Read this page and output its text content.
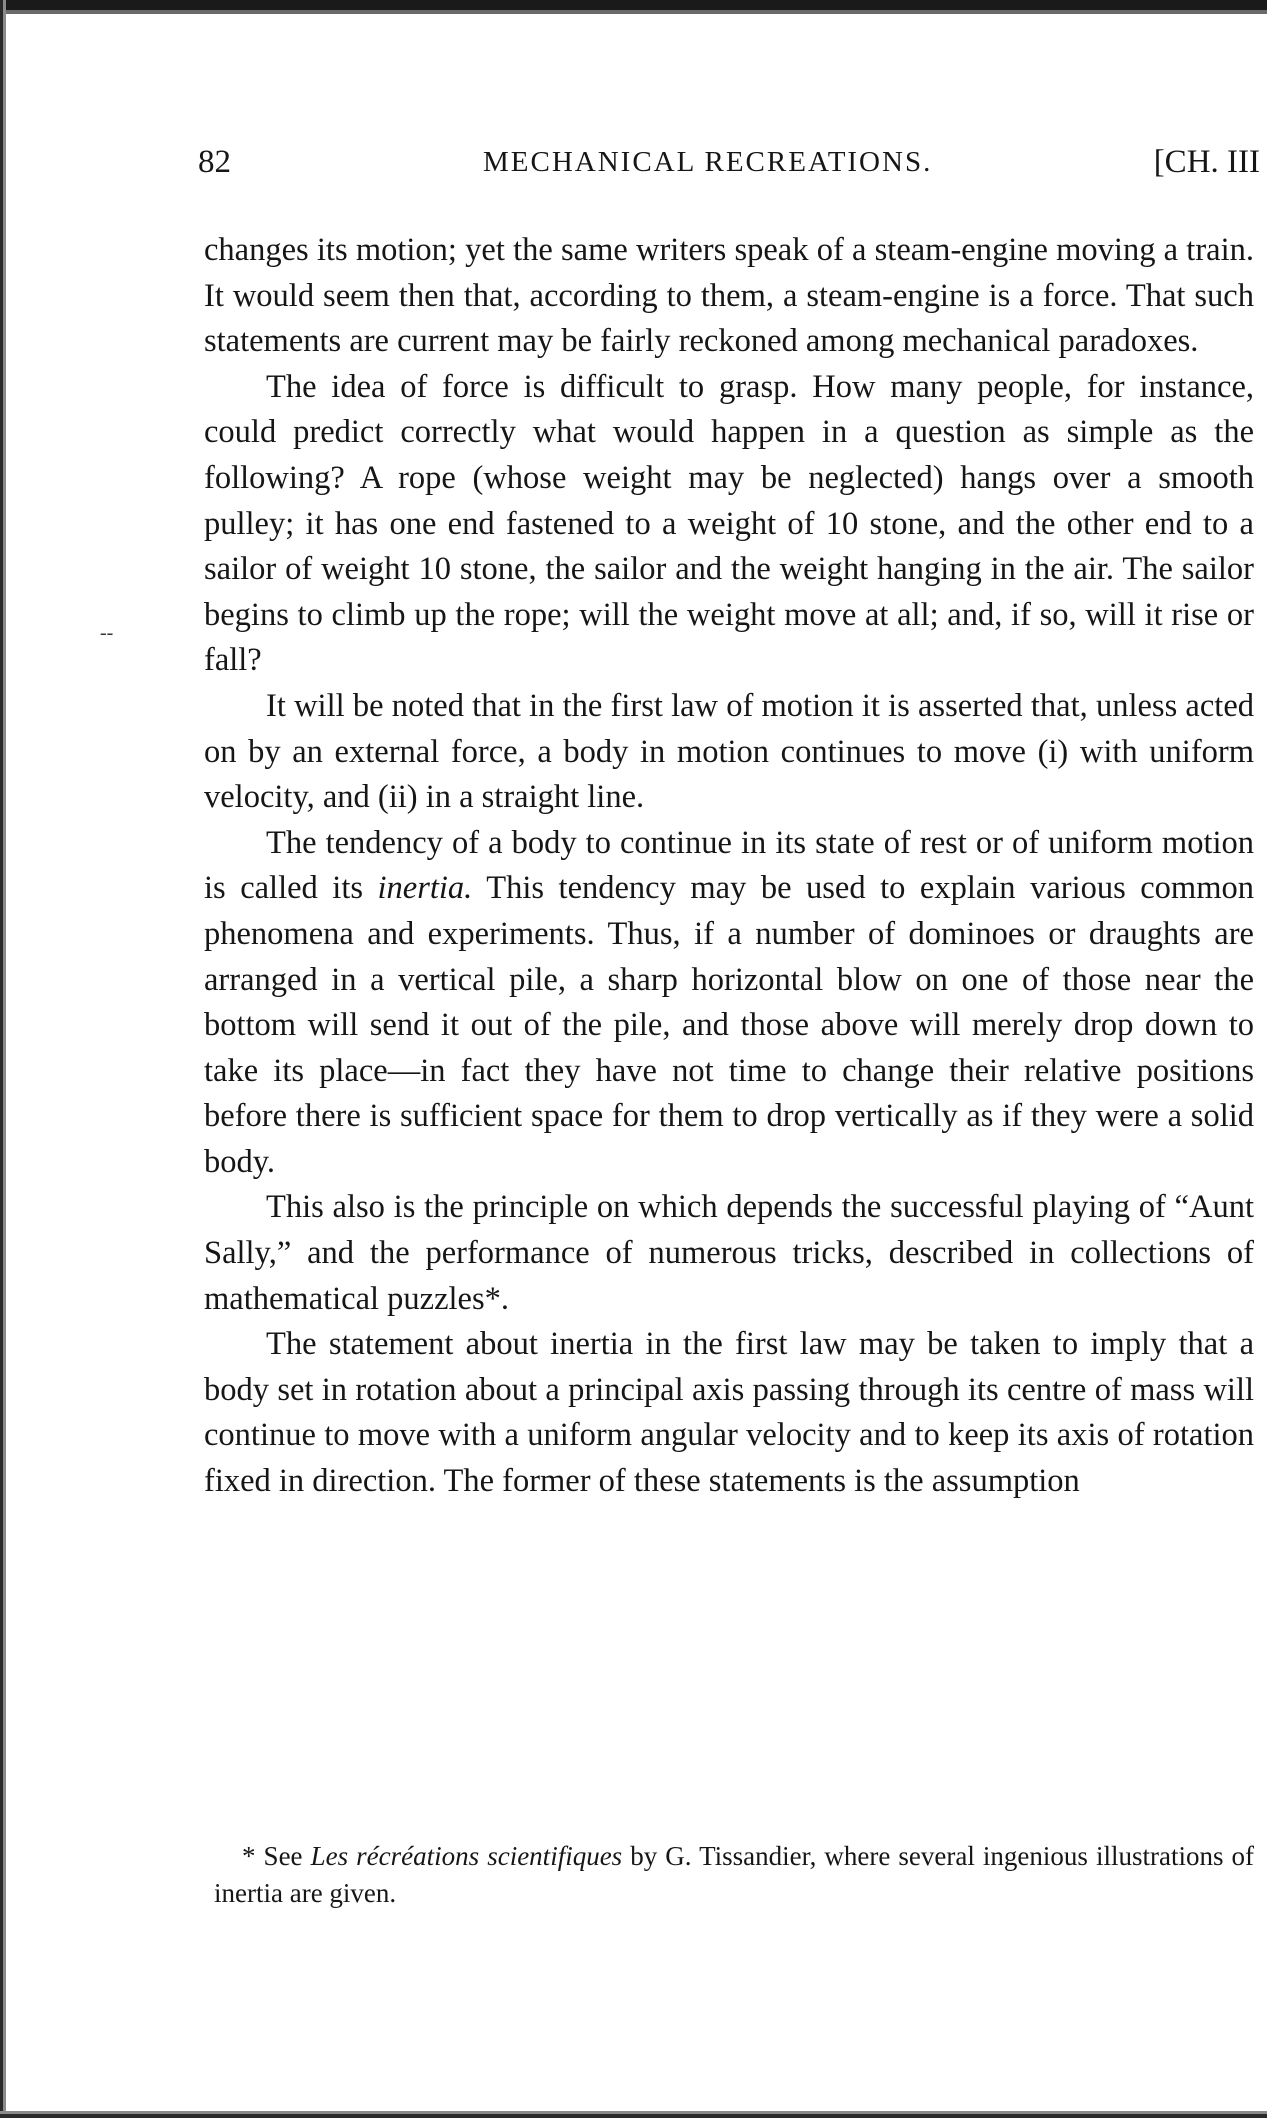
82	MECHANICAL RECREATIONS.	[CH. III
--

changes its motion; yet the same writers speak of a steam-engine moving a train. It would seem then that, according to them, a steam-engine is a force. That such statements are current may be fairly reckoned among mechanical paradoxes.

The idea of force is difficult to grasp. How many people, for instance, could predict correctly what would happen in a question as simple as the following? A rope (whose weight may be neglected) hangs over a smooth pulley; it has one end fastened to a weight of 10 stone, and the other end to a sailor of weight 10 stone, the sailor and the weight hanging in the air. The sailor begins to climb up the rope; will the weight move at all; and, if so, will it rise or fall?

It will be noted that in the first law of motion it is asserted that, unless acted on by an external force, a body in motion continues to move (i) with uniform velocity, and (ii) in a straight line.

The tendency of a body to continue in its state of rest or of uniform motion is called its inertia. This tendency may be used to explain various common phenomena and experiments. Thus, if a number of dominoes or draughts are arranged in a vertical pile, a sharp horizontal blow on one of those near the bottom will send it out of the pile, and those above will merely drop down to take its place—in fact they have not time to change their relative positions before there is sufficient space for them to drop vertically as if they were a solid body.

This also is the principle on which depends the successful playing of “Aunt Sally,” and the performance of numerous tricks, described in collections of mathematical puzzles*.

The statement about inertia in the first law may be taken to imply that a body set in rotation about a principal axis passing through its centre of mass will continue to move with a uniform angular velocity and to keep its axis of rotation fixed in direction. The former of these statements is the assumption

* See Les récréations scientifiques by G. Tissandier, where several ingenious illustrations of inertia are given.
